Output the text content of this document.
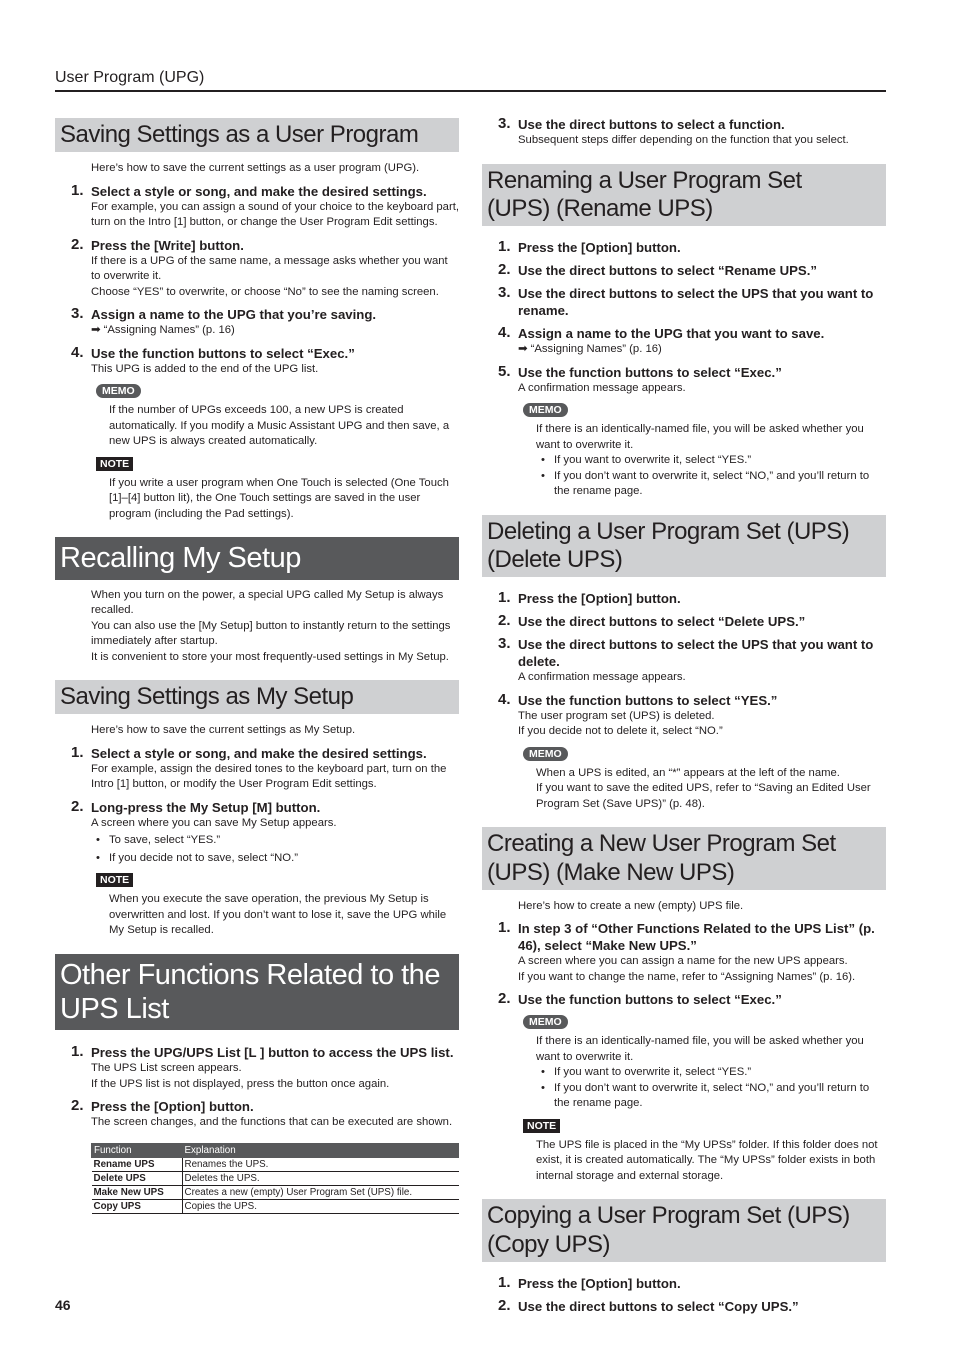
User Program (UPG)
Saving Settings as a User Program
Here’s how to save the current settings as a user program (UPG).
1. Select a style or song, and make the desired settings.
For example, you can assign a sound of your choice to the keyboard part, turn on the Intro [1] button, or change the User Program Edit settings.
2. Press the [Write] button.
If there is a UPG of the same name, a message asks whether you want to overwrite it.
Choose “YES” to overwrite, or choose “No” to see the naming screen.
3. Assign a name to the UPG that you’re saving.
➡ “Assigning Names” (p. 16)
4. Use the function buttons to select “Exec.”
This UPG is added to the end of the UPG list.
MEMO
If the number of UPGs exceeds 100, a new UPS is created automatically. If you modify a Music Assistant UPG and then save, a new UPS is always created automatically.
NOTE
If you write a user program when One Touch is selected (One Touch [1]–[4] button lit), the One Touch settings are saved in the user program (including the Pad settings).
Recalling My Setup
When you turn on the power, a special UPG called My Setup is always recalled.
You can also use the [My Setup] button to instantly return to the settings immediately after startup.
It is convenient to store your most frequently-used settings in My Setup.
Saving Settings as My Setup
Here’s how to save the current settings as My Setup.
1. Select a style or song, and make the desired settings.
For example, assign the desired tones to the keyboard part, turn on the Intro [1] button, or modify the User Program Edit settings.
2. Long-press the My Setup [M] button.
A screen where you can save My Setup appears.
• To save, select “YES.”
• If you decide not to save, select “NO.”
NOTE
When you execute the save operation, the previous My Setup is overwritten and lost. If you don’t want to lose it, save the UPG while My Setup is recalled.
Other Functions Related to the UPS List
1. Press the UPG/UPS List [L ] button to access the UPS list.
The UPS List screen appears.
If the UPS list is not displayed, press the button once again.
2. Press the [Option] button.
The screen changes, and the functions that can be executed are shown.
Function	Explanation
Rename UPS	Renames the UPS.
Delete UPS	Deletes the UPS.
Make New UPS	Creates a new (empty) User Program Set (UPS) file.
Copy UPS	Copies the UPS.
3. Use the direct buttons to select a function.
Subsequent steps differ depending on the function that you select.
Renaming a User Program Set
(UPS) (Rename UPS)
1. Press the [Option] button.
2. Use the direct buttons to select “Rename UPS.”
3. Use the direct buttons to select the UPS that you want to rename.
4. Assign a name to the UPG that you want to save.
➡ “Assigning Names” (p. 16)
5. Use the function buttons to select “Exec.”
A confirmation message appears.
MEMO
If there is an identically-named file, you will be asked whether you want to overwrite it.
• If you want to overwrite it, select “YES.”
• If you don’t want to overwrite it, select “NO,” and you’ll return to the rename page.
Deleting a User Program Set (UPS) (Delete UPS)
1. Press the [Option] button.
2. Use the direct buttons to select “Delete UPS.”
3. Use the direct buttons to select the UPS that you want to delete.
A confirmation message appears.
4. Use the function buttons to select “YES.”
The user program set (UPS) is deleted.
If you decide not to delete it, select “NO.”
MEMO
When a UPS is edited, an “*” appears at the left of the name.
If you want to save the edited UPS, refer to “Saving an Edited User Program Set (Save UPS)” (p. 48).
Creating a New User Program Set
(UPS) (Make New UPS)
Here’s how to create a new (empty) UPS file.
1. In step 3 of “Other Functions Related to the UPS List” (p. 46), select “Make New UPS.”
A screen where you can assign a name for the new UPS appears.
If you want to change the name, refer to “Assigning Names” (p. 16).
2. Use the function buttons to select “Exec.”
MEMO
If there is an identically-named file, you will be asked whether you want to overwrite it.
• If you want to overwrite it, select “YES.”
• If you don’t want to overwrite it, select “NO,” and you’ll return to the rename page.
NOTE
The UPS file is placed in the “My UPSs” folder. If this folder does not exist, it is created automatically. The “My UPSs” folder exists in both internal storage and external storage.
Copying a User Program Set (UPS) (Copy UPS)
1. Press the [Option] button.
2. Use the direct buttons to select “Copy UPS.”
46
